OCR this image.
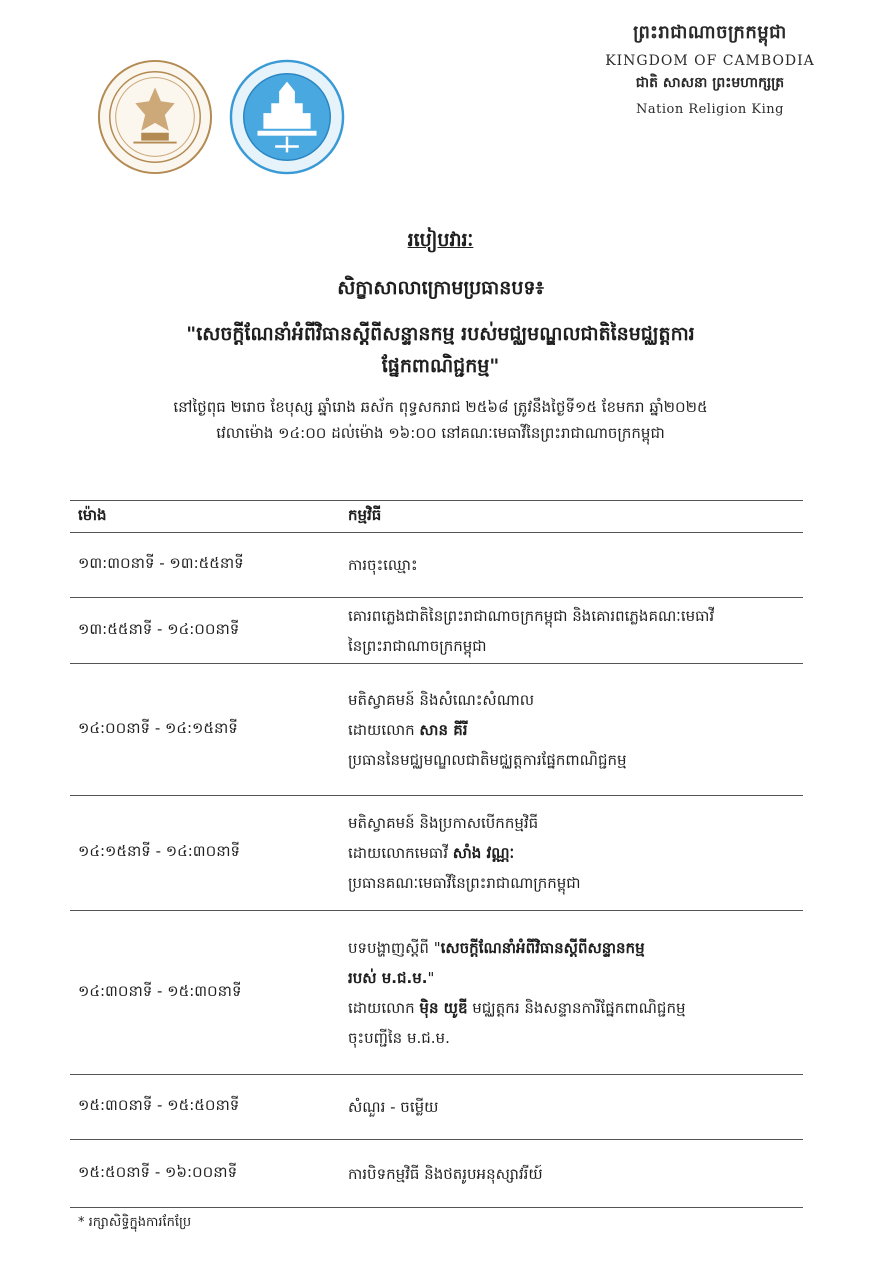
ព្រះរាជាណាចក្រកម្ពុជា
KINGDOM OF CAMBODIA
ជាតិ សាសនា ព្រះមហាក្សត្រ
Nation Religion King
របៀបវារៈ
សិក្ខាសាលាក្រោមប្រធានបទ៖
"សេចក្តីណែនាំអំពីវិធានស្តីពីសន្ទានកម្ម របស់មជ្ឈមណ្ឌលជាតិនៃមជ្ឈត្តការ
ផ្នែកពាណិជ្ជកម្ម"
នៅថ្ងៃពុធ ២រោច ខែបុស្ស ឆ្នាំរោង ឆស័ក ពុទ្ធសករាជ ២៥៦៨ ត្រូវនឹងថ្ងៃទី១៥ ខែមករា ឆ្នាំ២០២៥
វេលាម៉ោង ១៤:០០ ដល់ម៉ោង ១៦:០០ នៅគណៈមេធាវីនៃព្រះរាជាណាចក្រកម្ពុជា
ម៉ោង	កម្មវិធី
១៣:៣០នាទី - ១៣:៥៥នាទី	ការចុះឈ្មោះ

១៣:៥៥នាទី - ១៤:០០នាទី	គោរពភ្លេងជាតិនៃព្រះរាជាណាចក្រកម្ពុជា និងគោរពភ្លេងគណៈមេធាវី
នៃព្រះរាជាណាចក្រកម្ពុជា

១៤:០០នាទី - ១៤:១៥នាទី	មតិស្វាគមន៍ និងសំណេះសំណាល
ដោយលោក សាន គីរី
ប្រធាននៃមជ្ឈមណ្ឌលជាតិមជ្ឈត្តការផ្នែកពាណិជ្ជកម្ម

១៤:១៥នាទី - ១៤:៣០នាទី	មតិស្វាគមន៍ និងប្រកាសបើកកម្មវិធី
ដោយលោកមេធាវី សាំង វណ្ណៈ
ប្រធានគណៈមេធាវីនៃព្រះរាជាណាក្រកម្ពុជា

១៤:៣០នាទី - ១៥:៣០នាទី	បទបង្ហាញស្តីពី "សេចក្តីណែនាំអំពីវិធានស្តីពីសន្ទានកម្ម
របស់ ម.ជ.ម."
ដោយលោក ម៉ិន យូឌី មជ្ឈត្តករ និងសន្ទានការីផ្នែកពាណិជ្ជកម្ម
ចុះបញ្ជីនៃ ម.ជ.ម.

១៥:៣០នាទី - ១៥:៥០នាទី	សំណួរ - ចម្លើយ

១៥:៥០នាទី - ១៦:០០នាទី	ការបិទកម្មវិធី និងថតរូបអនុស្សាវរីយ៍
* រក្សាសិទ្ធិក្នុងការកែប្រែ
